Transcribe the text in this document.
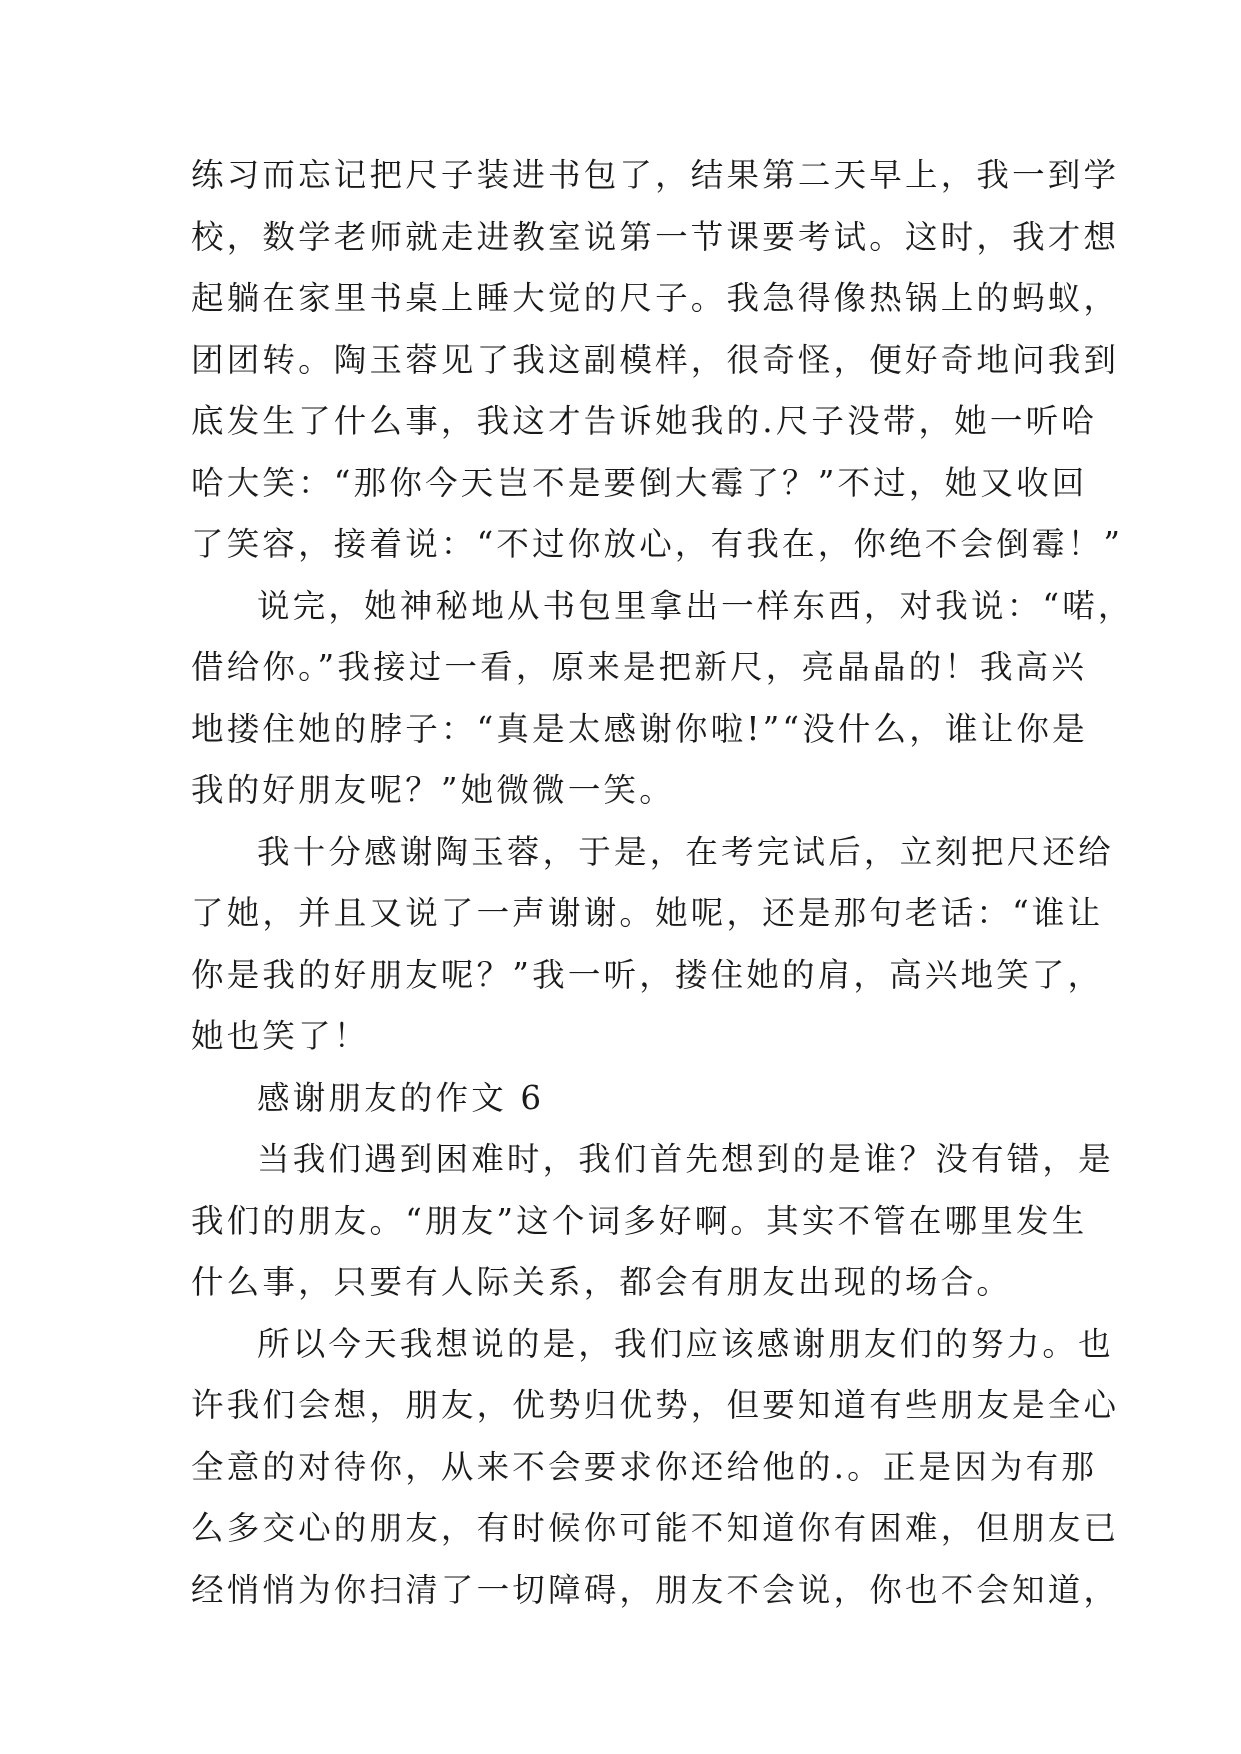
练习而忘记把尺子装进书包了，结果第二天早上，我一到学
校，数学老师就走进教室说第一节课要考试。这时，我才想
起躺在家里书桌上睡大觉的尺子。我急得像热锅上的蚂蚁，
团团转。陶玉蓉见了我这副模样，很奇怪，便好奇地问我到
底发生了什么事，我这才告诉她我的.尺子没带，她一听哈
哈大笑：“那你今天岂不是要倒大霉了？”不过，她又收回
了笑容，接着说：“不过你放心，有我在，你绝不会倒霉！”
说完，她神秘地从书包里拿出一样东西，对我说：“喏，
借给你。”我接过一看，原来是把新尺，亮晶晶的！我高兴
地搂住她的脖子：“真是太感谢你啦!”“没什么，谁让你是
我的好朋友呢？”她微微一笑。
我十分感谢陶玉蓉，于是，在考完试后，立刻把尺还给
了她，并且又说了一声谢谢。她呢，还是那句老话：“谁让
你是我的好朋友呢？”我一听，搂住她的肩，高兴地笑了，
她也笑了！
感谢朋友的作文 6
当我们遇到困难时，我们首先想到的是谁？没有错，是
我们的朋友。“朋友”这个词多好啊。其实不管在哪里发生
什么事，只要有人际关系，都会有朋友出现的场合。
所以今天我想说的是，我们应该感谢朋友们的努力。也
许我们会想，朋友，优势归优势，但要知道有些朋友是全心
全意的对待你，从来不会要求你还给他的.。正是因为有那
么多交心的朋友，有时候你可能不知道你有困难，但朋友已
经悄悄为你扫清了一切障碍，朋友不会说，你也不会知道，
